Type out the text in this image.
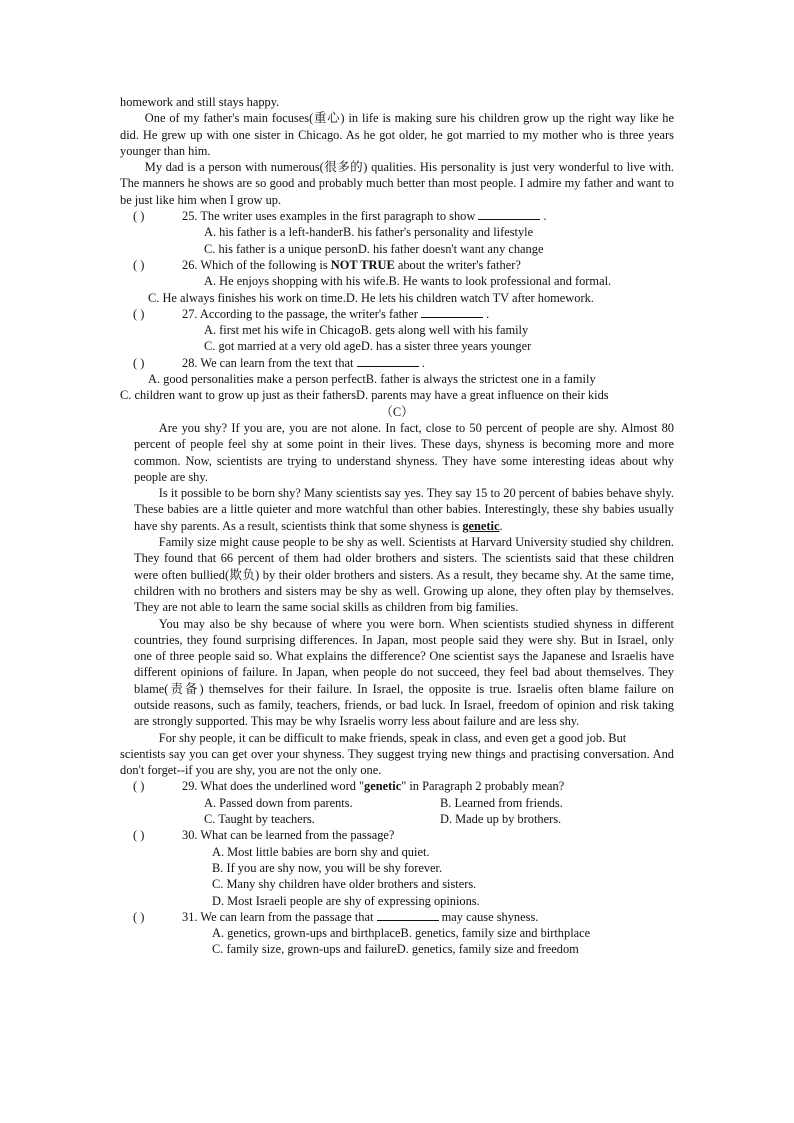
homework and still stays happy.

One of my father's main focuses(重心) in life is making sure his children grow up the right way like he did. He grew up with one sister in Chicago. As he got older, he got married to my mother who is three years younger than him.

My dad is a person with numerous(很多的) qualities. His personality is just very wonderful to live with. The manners he shows are so good and probably much better than most people. I admire my father and want to be just like him when I grow up.

( )	25. The writer uses examples in the first paragraph to show	.

A. his father is a left-handerB. his father's personality and lifestyle

C. his father is a unique personD. his father doesn't want any change

( )	26. Which of the following is NOT TRUE about the writer's father?

A. He enjoys shopping with his wife.B. He wants to look professional and formal.

C. He always finishes his work on time.D. He lets his children watch TV after homework.

( )	27. According to the passage, the writer's father	.

A. first met his wife in ChicagoB. gets along well with his family

C. got married at a very old ageD. has a sister three years younger

( )	28. We can learn from the text that	.

A. good personalities make a person perfectB. father is always the strictest one in a family

C. children want to grow up just as their fathersD. parents may have a great influence on their kids

（C）

Are you shy? If you are, you are not alone. In fact, close to 50 percent of people are shy. Almost 80 percent of people feel shy at some point in their lives. These days, shyness is becoming more and more common. Now, scientists are trying to understand shyness. They have some interesting ideas about why people are shy.

Is it possible to be born shy? Many scientists say yes. They say 15 to 20 percent of babies behave shyly. These babies are a little quieter and more watchful than other babies. Interestingly, these shy babies usually have shy parents. As a result, scientists think that some shyness is genetic.

Family size might cause people to be shy as well. Scientists at Harvard University studied shy children. They found that 66 percent of them had older brothers and sisters. The scientists said that these children were often bullied(欺负) by their older brothers and sisters. As a result, they became shy. At the same time, children with no brothers and sisters may be shy as well. Growing up alone, they often play by themselves. They are not able to learn the same social skills as children from big families.

You may also be shy because of where you were born. When scientists studied shyness in different countries, they found surprising differences. In Japan, most people said they were shy. But in Israel, only one of three people said so. What explains the difference? One scientist says the Japanese and Israelis have different opinions of failure. In Japan, when people do not succeed, they feel bad about themselves. They blame(责备) themselves for their failure. In Israel, the opposite is true. Israelis often blame failure on outside reasons, such as family, teachers, friends, or bad luck. In Israel, freedom of opinion and risk taking are strongly supported. This may be why Israelis worry less about failure and are less shy.

For shy people, it can be difficult to make friends, speak in class, and even get a good job. But

scientists say you can get over your shyness. They suggest trying new things and practising conversation. And don't forget--if you are shy, you are not the only one.

( )	29. What does the underlined word "genetic" in Paragraph 2 probably mean?

A. Passed down from parents.	B. Learned from friends.
C. Taught by teachers.	D. Made up by brothers.

( )	30. What can be learned from the passage?

A. Most little babies are born shy and quiet.

B. If you are shy now, you will be shy forever.

C. Many shy children have older brothers and sisters.

D. Most Israeli people are shy of expressing opinions.

( )	31. We can learn from the passage that	may cause shyness.

A. genetics, grown-ups and birthplaceB. genetics, family size and birthplace

C. family size, grown-ups and failureD. genetics, family size and freedom
